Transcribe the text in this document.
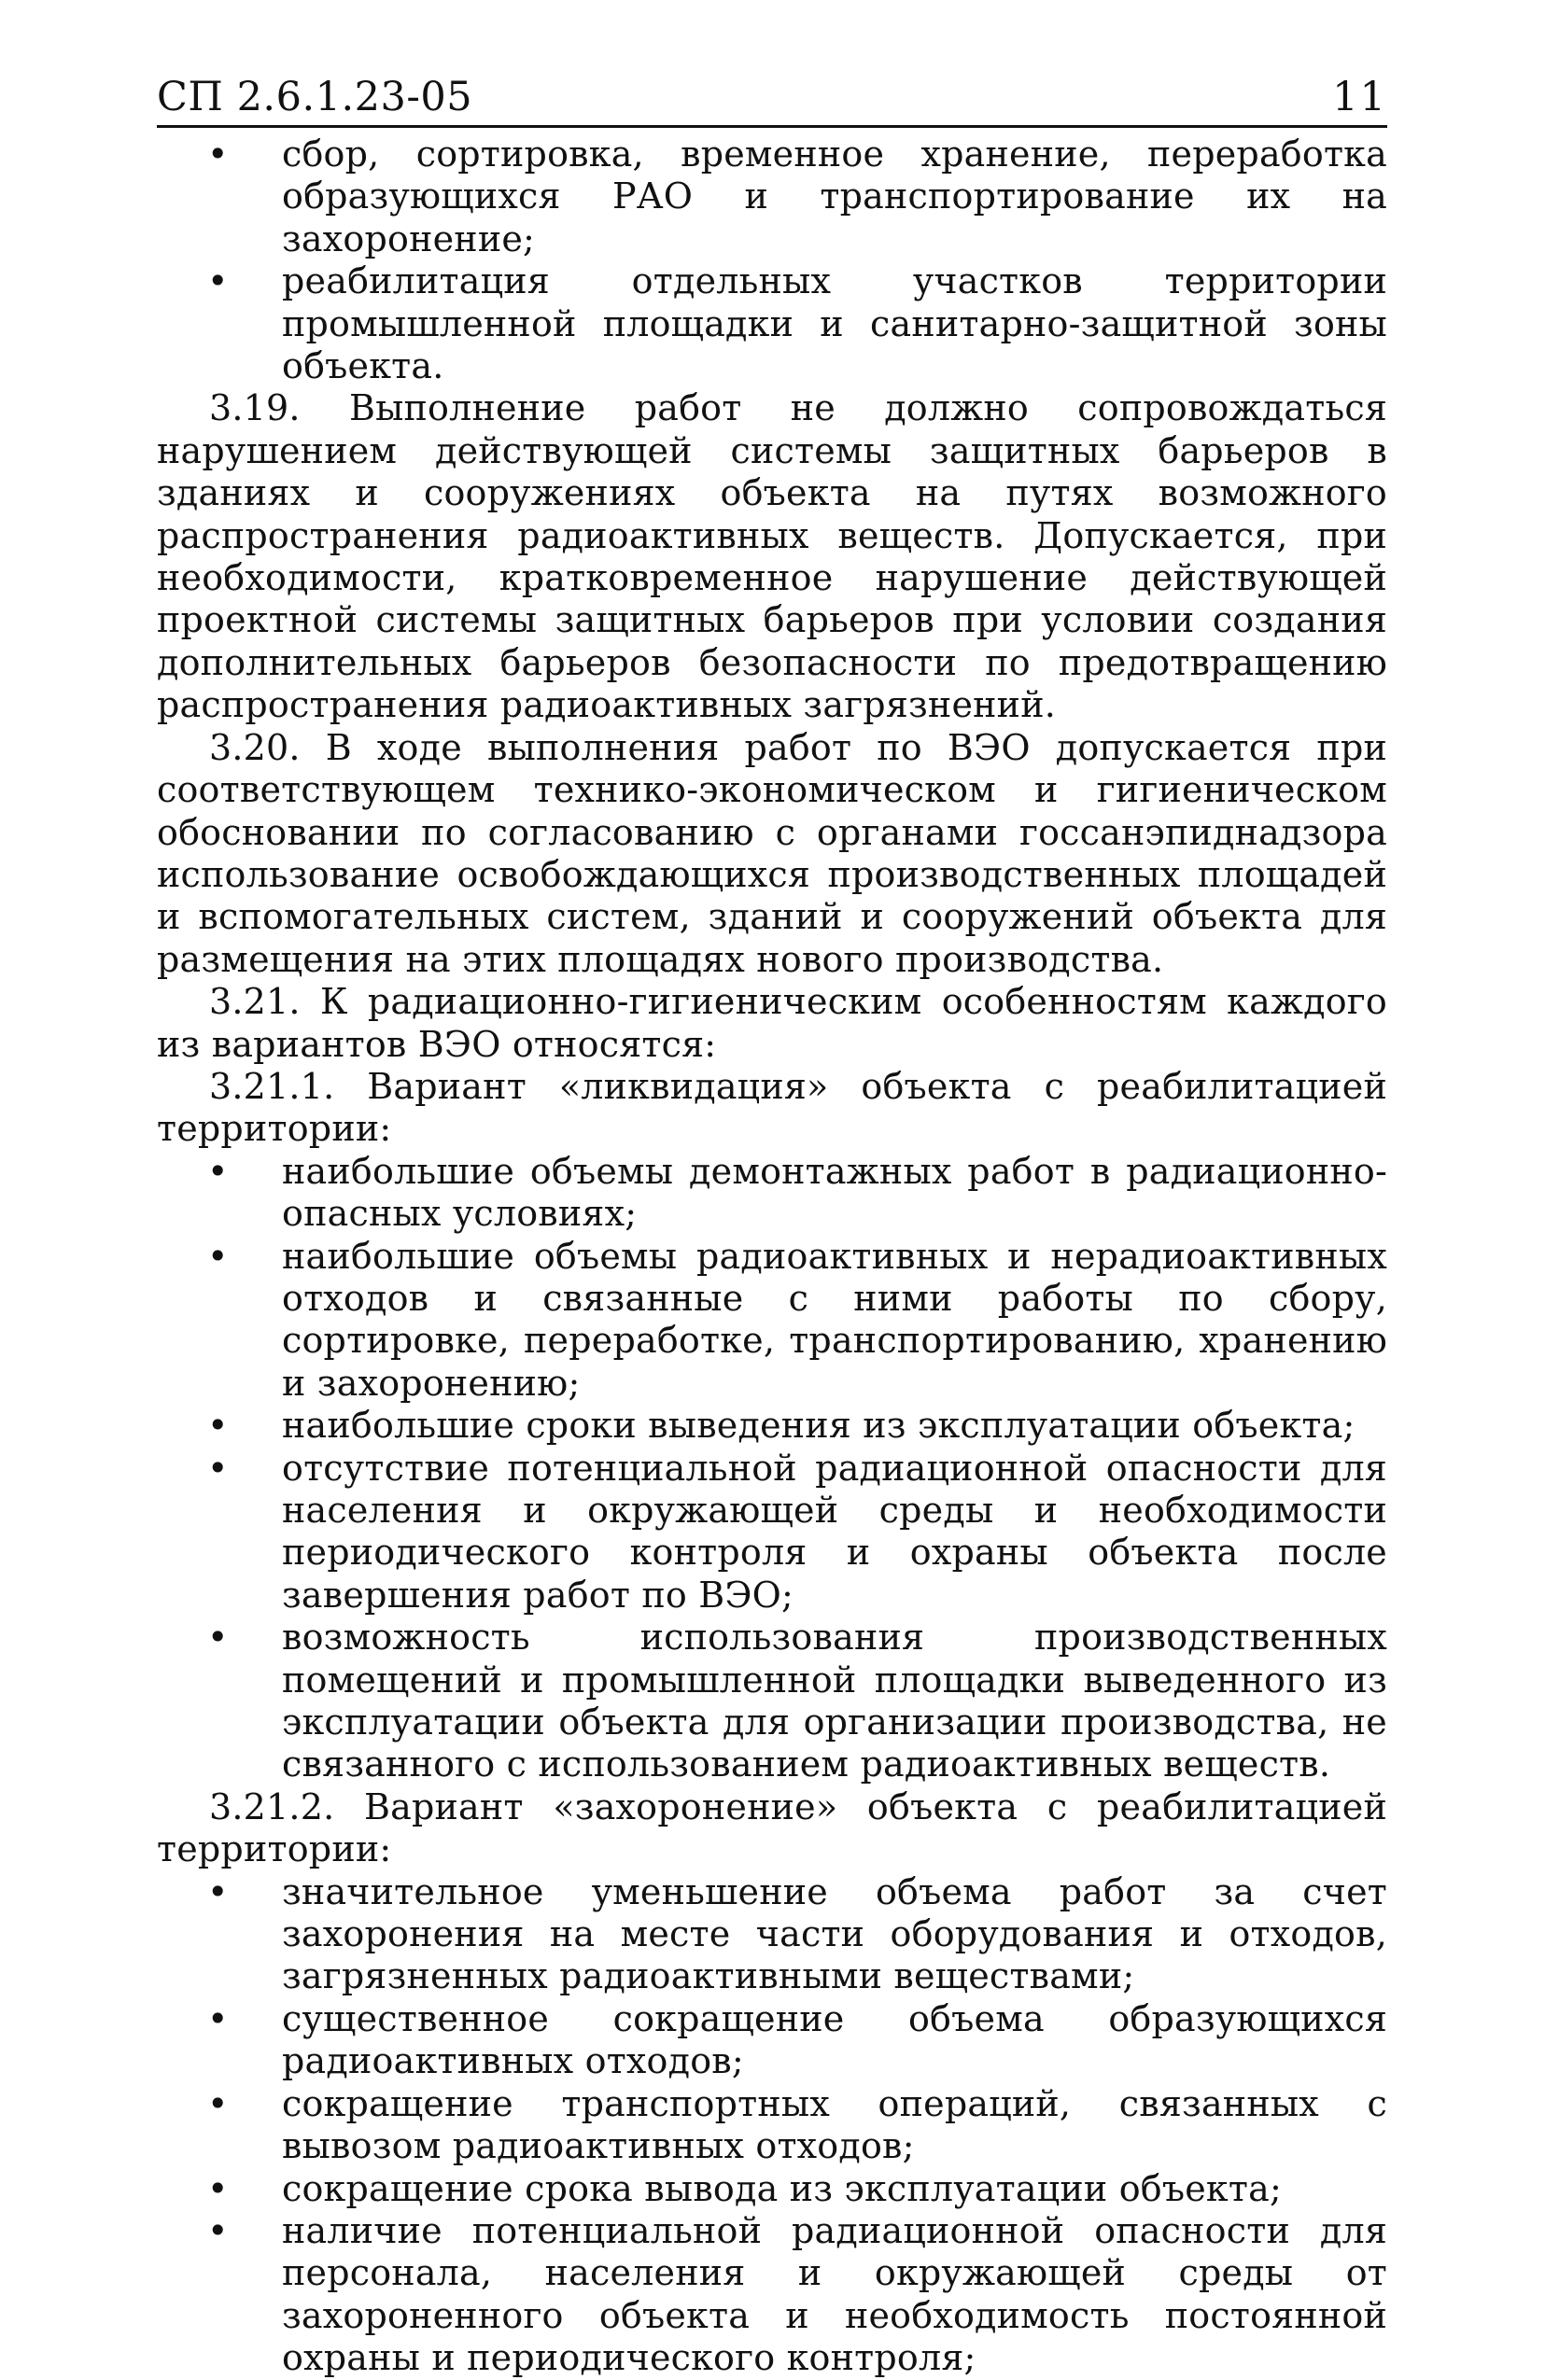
СП 2.6.1.23-05	11
• сбор, сортировка, временное хранение, переработка образующихся РАО и транспортирование их на захоронение;
• реабилитация отдельных участков территории промышленной площадки и санитарно-защитной зоны объекта.

3.19. Выполнение работ не должно сопровождаться нарушением действующей системы защитных барьеров в зданиях и сооружениях объекта на путях возможного распространения радиоактивных веществ. Допускается, при необходимости, кратковременное нарушение действующей проектной системы защитных барьеров при условии создания дополнительных барьеров безопасности по предотвращению распространения радиоактивных загрязнений.

3.20. В ходе выполнения работ по ВЭО допускается при соответствующем технико-экономическом и гигиеническом обосновании по согласованию с органами госсанэпиднадзора использование освобождающихся производственных площадей и вспомогательных систем, зданий и сооружений объекта для размещения на этих площадях нового производства.

3.21. К радиационно-гигиеническим особенностям каждого из вариантов ВЭО относятся:

3.21.1. Вариант «ликвидация» объекта с реабилитацией территории:

• наибольшие объемы демонтажных работ в радиационно-опасных условиях;
• наибольшие объемы радиоактивных и нерадиоактивных отходов и связанные с ними работы по сбору, сортировке, переработке, транспортированию, хранению и захоронению;
• наибольшие сроки выведения из эксплуатации объекта;
• отсутствие потенциальной радиационной опасности для населения и окружающей среды и необходимости периодического контроля и охраны объекта после завершения работ по ВЭО;
• возможность использования производственных помещений и промышленной площадки выведенного из эксплуатации объекта для организации производства, не связанного с использованием радиоактивных веществ.

3.21.2. Вариант «захоронение» объекта с реабилитацией территории:

• значительное уменьшение объема работ за счет захоронения на месте части оборудования и отходов, загрязненных радиоактивными веществами;
• существенное сокращение объема образующихся радиоактивных отходов;
• сокращение транспортных операций, связанных с вывозом радиоактивных отходов;
• сокращение срока вывода из эксплуатации объекта;
• наличие потенциальной радиационной опасности для персонала, населения и окружающей среды от захороненного объекта и необходимость постоянной охраны и периодического контроля;
